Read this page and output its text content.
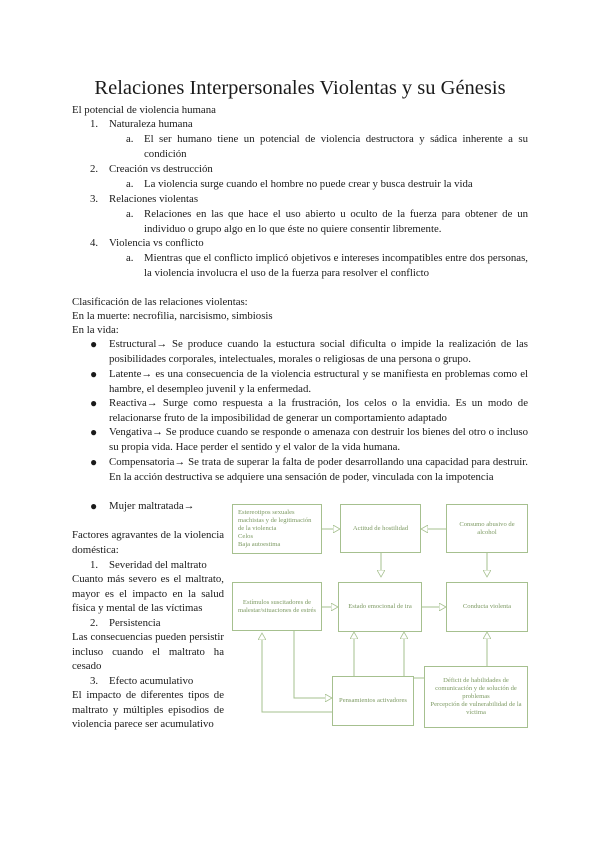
Relaciones Interpersonales Violentas y su Génesis
El potencial de violencia humana
1. Naturaleza humana
a. El ser humano tiene un potencial de violencia destructora y sádica inherente a su condición
2. Creación vs destrucción
a. La violencia surge cuando el hombre no puede crear y busca destruir la vida
3. Relaciones violentas
a. Relaciones en las que hace el uso abierto u oculto de la fuerza para obtener de un individuo o grupo algo en lo que éste no quiere consentir libremente.
4. Violencia vs conflicto
a. Mientras que el conflicto implicó objetivos e intereses incompatibles entre dos personas, la violencia involucra el uso de la fuerza para resolver el conflicto
Clasificación de las relaciones violentas:
En la muerte: necrofilia, narcisismo, simbiosis
En la vida:
● Estructural→ Se produce cuando la estuctura social dificulta o impide la realización de las posibilidades corporales, intelectuales, morales o religiosas de una persona o grupo.
● Latente→ es una consecuencia de la violencia estructural y se manifiesta en problemas como el hambre, el desempleo juvenil y la enfermedad.
● Reactiva→ Surge como respuesta a la frustración, los celos o la envidia. Es un modo de relacionarse fruto de la imposibilidad de generar un comportamiento adaptado
● Vengativa→ Se produce cuando se responde o amenaza con destruir los bienes del otro o incluso su propia vida. Hace perder el sentido y el valor de la vida humana.
● Compensatoria→ Se trata de superar la falta de poder desarrollando una capacidad para destruir. En la acción destructiva se adquiere una sensación de poder, vinculada con la impotencia
● Mujer maltratada→
Factores agravantes de la violencia doméstica:
1. Severidad del maltrato
Cuanto más severo es el maltrato, mayor es el impacto en la salud física y mental de las víctimas
2. Persistencia
Las consecuencias pueden persistir incluso cuando el maltrato ha cesado
3. Efecto acumulativo
El impacto de diferentes tipos de maltrato y múltiples episodios de violencia parece ser acumulativo
Estereotipos sexuales machistas y de legitimación de la violencia
Celos
Baja autoestima
Actitud de hostilidad
Consumo abusivo de alcohol
Estímulos suscitadores de malestar/situaciones de estrés	Estado emocional de ira	Conducta violenta
Pensamientos activadores
Déficit de habilidades de comunicación y de solución de problemas
Percepción de vulnerabilidad de la víctima
